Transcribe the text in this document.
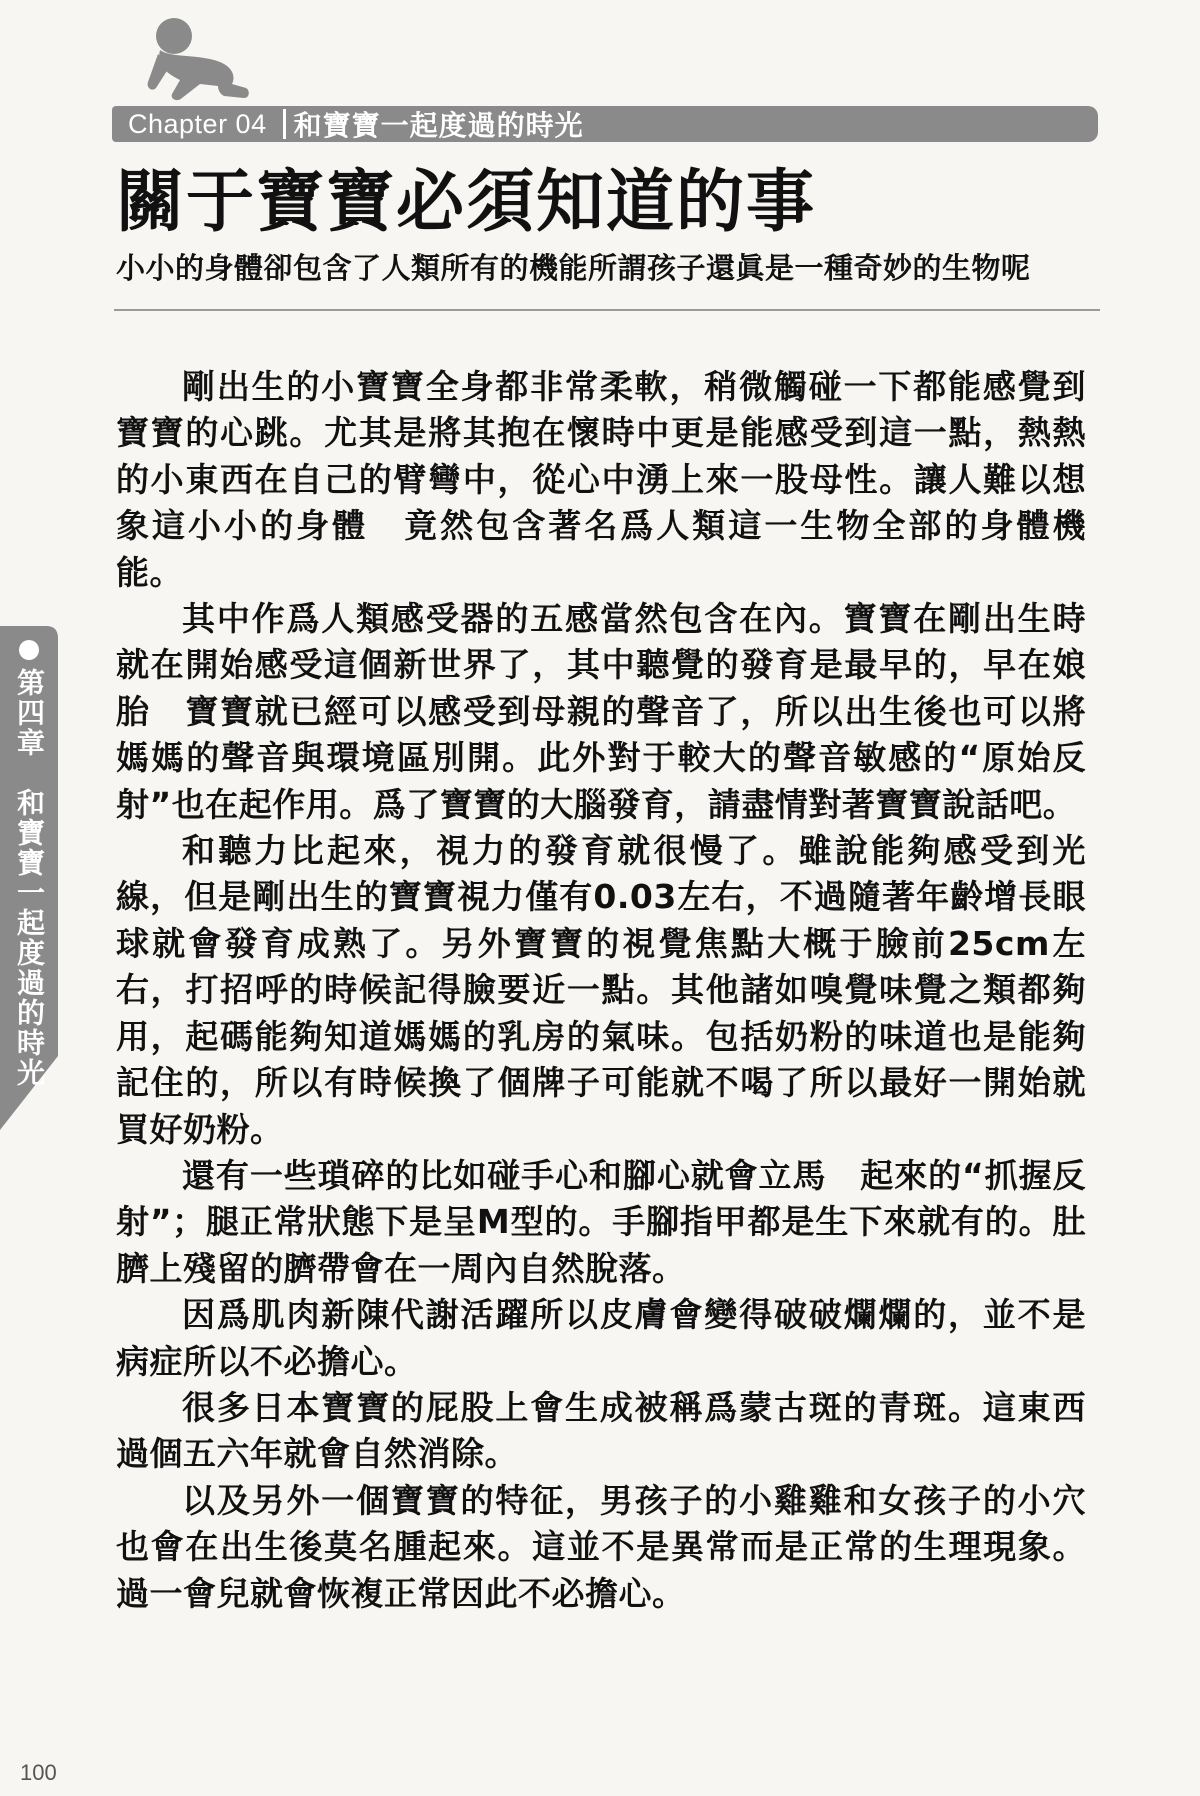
Chapter 04 和寶寶一起度過的時光
關于寶寶必須知道的事

小小的身體卻包含了人類所有的機能所謂孩子還眞是一種奇妙的生物呢

剛出生的小寶寶全身都非常柔軟，稍微觸碰一下都能感覺到寶寶的心跳。尤其是將其抱在懷時中更是能感受到這一點，熱熱的小東西在自己的臂彎中，從心中湧上來一股母性。讓人難以想象這小小的身體　竟然包含著名爲人類這一生物全部的身體機能。

其中作爲人類感受器的五感當然包含在內。寶寶在剛出生時就在開始感受這個新世界了，其中聽覺的發育是最早的，早在娘胎　寶寶就已經可以感受到母親的聲音了，所以出生後也可以將媽媽的聲音與環境區別開。此外對于較大的聲音敏感的“原始反射”也在起作用。爲了寶寶的大腦發育，請盡情對著寶寶說話吧。

和聽力比起來，視力的發育就很慢了。雖說能夠感受到光線，但是剛出生的寶寶視力僅有0.03左右，不過隨著年齡增長眼球就會發育成熟了。另外寶寶的視覺焦點大概于臉前25cm左右，打招呼的時候記得臉要近一點。其他諸如嗅覺味覺之類都夠用，起碼能夠知道媽媽的乳房的氣味。包括奶粉的味道也是能夠記住的，所以有時候換了個牌子可能就不喝了所以最好一開始就買好奶粉。

還有一些瑣碎的比如碰手心和腳心就會立馬　起來的“抓握反射”；腿正常狀態下是呈M型的。手腳指甲都是生下來就有的。肚臍上殘留的臍帶會在一周內自然脫落。

因爲肌肉新陳代謝活躍所以皮膚會變得破破爛爛的，並不是病症所以不必擔心。

很多日本寶寶的屁股上會生成被稱爲蒙古斑的青斑。這東西過個五六年就會自然消除。

以及另外一個寶寶的特征，男孩子的小雞雞和女孩子的小穴也會在出生後莫名腫起來。這並不是異常而是正常的生理現象。過一會兒就會恢複正常因此不必擔心。

第四章　和寶寶一起度過的時光
100
